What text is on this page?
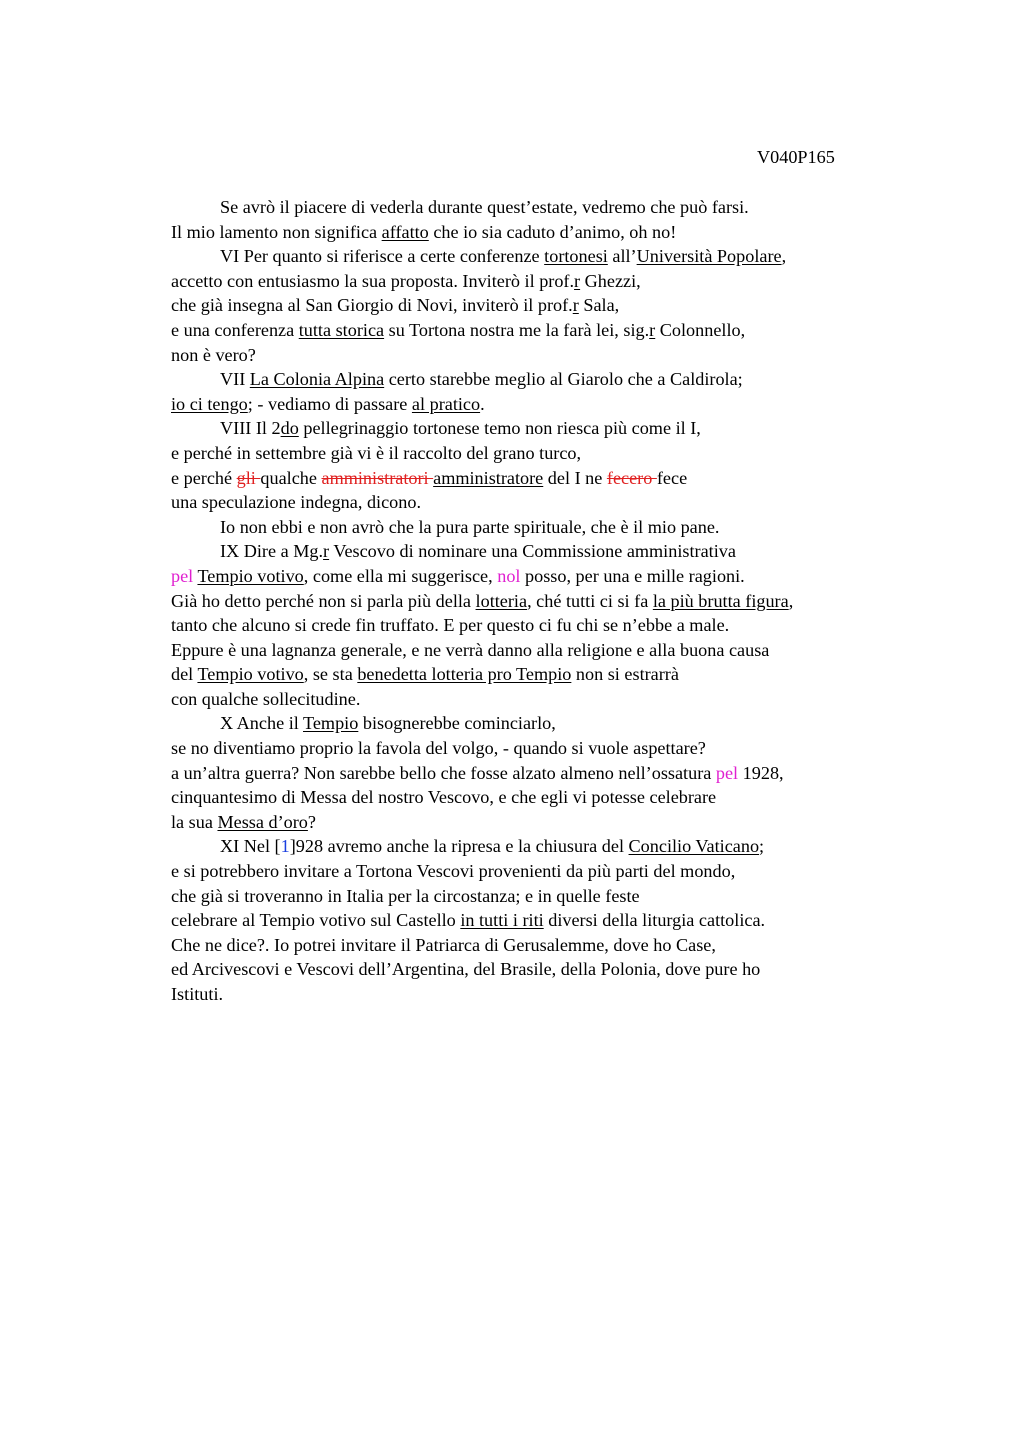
V040P165
Se avrò il piacere di vederla durante quest’estate, vedremo che può farsi.
Il mio lamento non significa affatto che io sia caduto d’animo, oh no!
VI Per quanto si riferisce a certe conferenze tortonesi all’Università Popolare,
accetto con entusiasmo la sua proposta. Inviterò il prof.r Ghezzi,
che già insegna al San Giorgio di Novi, inviterò il prof.r Sala,
e una conferenza tutta storica su Tortona nostra me la farà lei, sig.r Colonnello,
non è vero?
VII La Colonia Alpina certo starebbe meglio al Giarolo che a Caldirola;
io ci tengo; - vediamo di passare al pratico.
VIII Il 2do pellegrinaggio tortonese temo non riesca più come il I,
e perché in settembre già vi è il raccolto del grano turco,
e perché gli qualche amministratori amministratore del I ne fecero fece
una speculazione indegna, dicono.
Io non ebbi e non avrò che la pura parte spirituale, che è il mio pane.
IX Dire a Mg.r Vescovo di nominare una Commissione amministrativa
pel Tempio votivo, come ella mi suggerisce, nol posso, per una e mille ragioni.
Già ho detto perché non si parla più della lotteria, ché tutti ci si fa la più brutta figura,
tanto che alcuno si crede fin truffato. E per questo ci fu chi se n’ebbe a male.
Eppure è una lagnanza generale, e ne verrà danno alla religione e alla buona causa
del Tempio votivo, se sta benedetta lotteria pro Tempio non si estrarrà
con qualche sollecitudine.
X Anche il Tempio bisognerebbe cominciarlo,
se no diventiamo proprio la favola del volgo, - quando si vuole aspettare?
a un’altra guerra? Non sarebbe bello che fosse alzato almeno nell’ossatura pel 1928,
cinquantesimo di Messa del nostro Vescovo, e che egli vi potesse celebrare
la sua Messa d’oro?
XI Nel [1]928 avremo anche la ripresa e la chiusura del Concilio Vaticano;
e si potrebbero invitare a Tortona Vescovi provenienti da più parti del mondo,
che già si troveranno in Italia per la circostanza; e in quelle feste
celebrare al Tempio votivo sul Castello in tutti i riti diversi della liturgia cattolica.
Che ne dice?. Io potrei invitare il Patriarca di Gerusalemme, dove ho Case,
ed Arcivescovi e Vescovi dell’Argentina, del Brasile, della Polonia, dove pure ho
Istituti.
